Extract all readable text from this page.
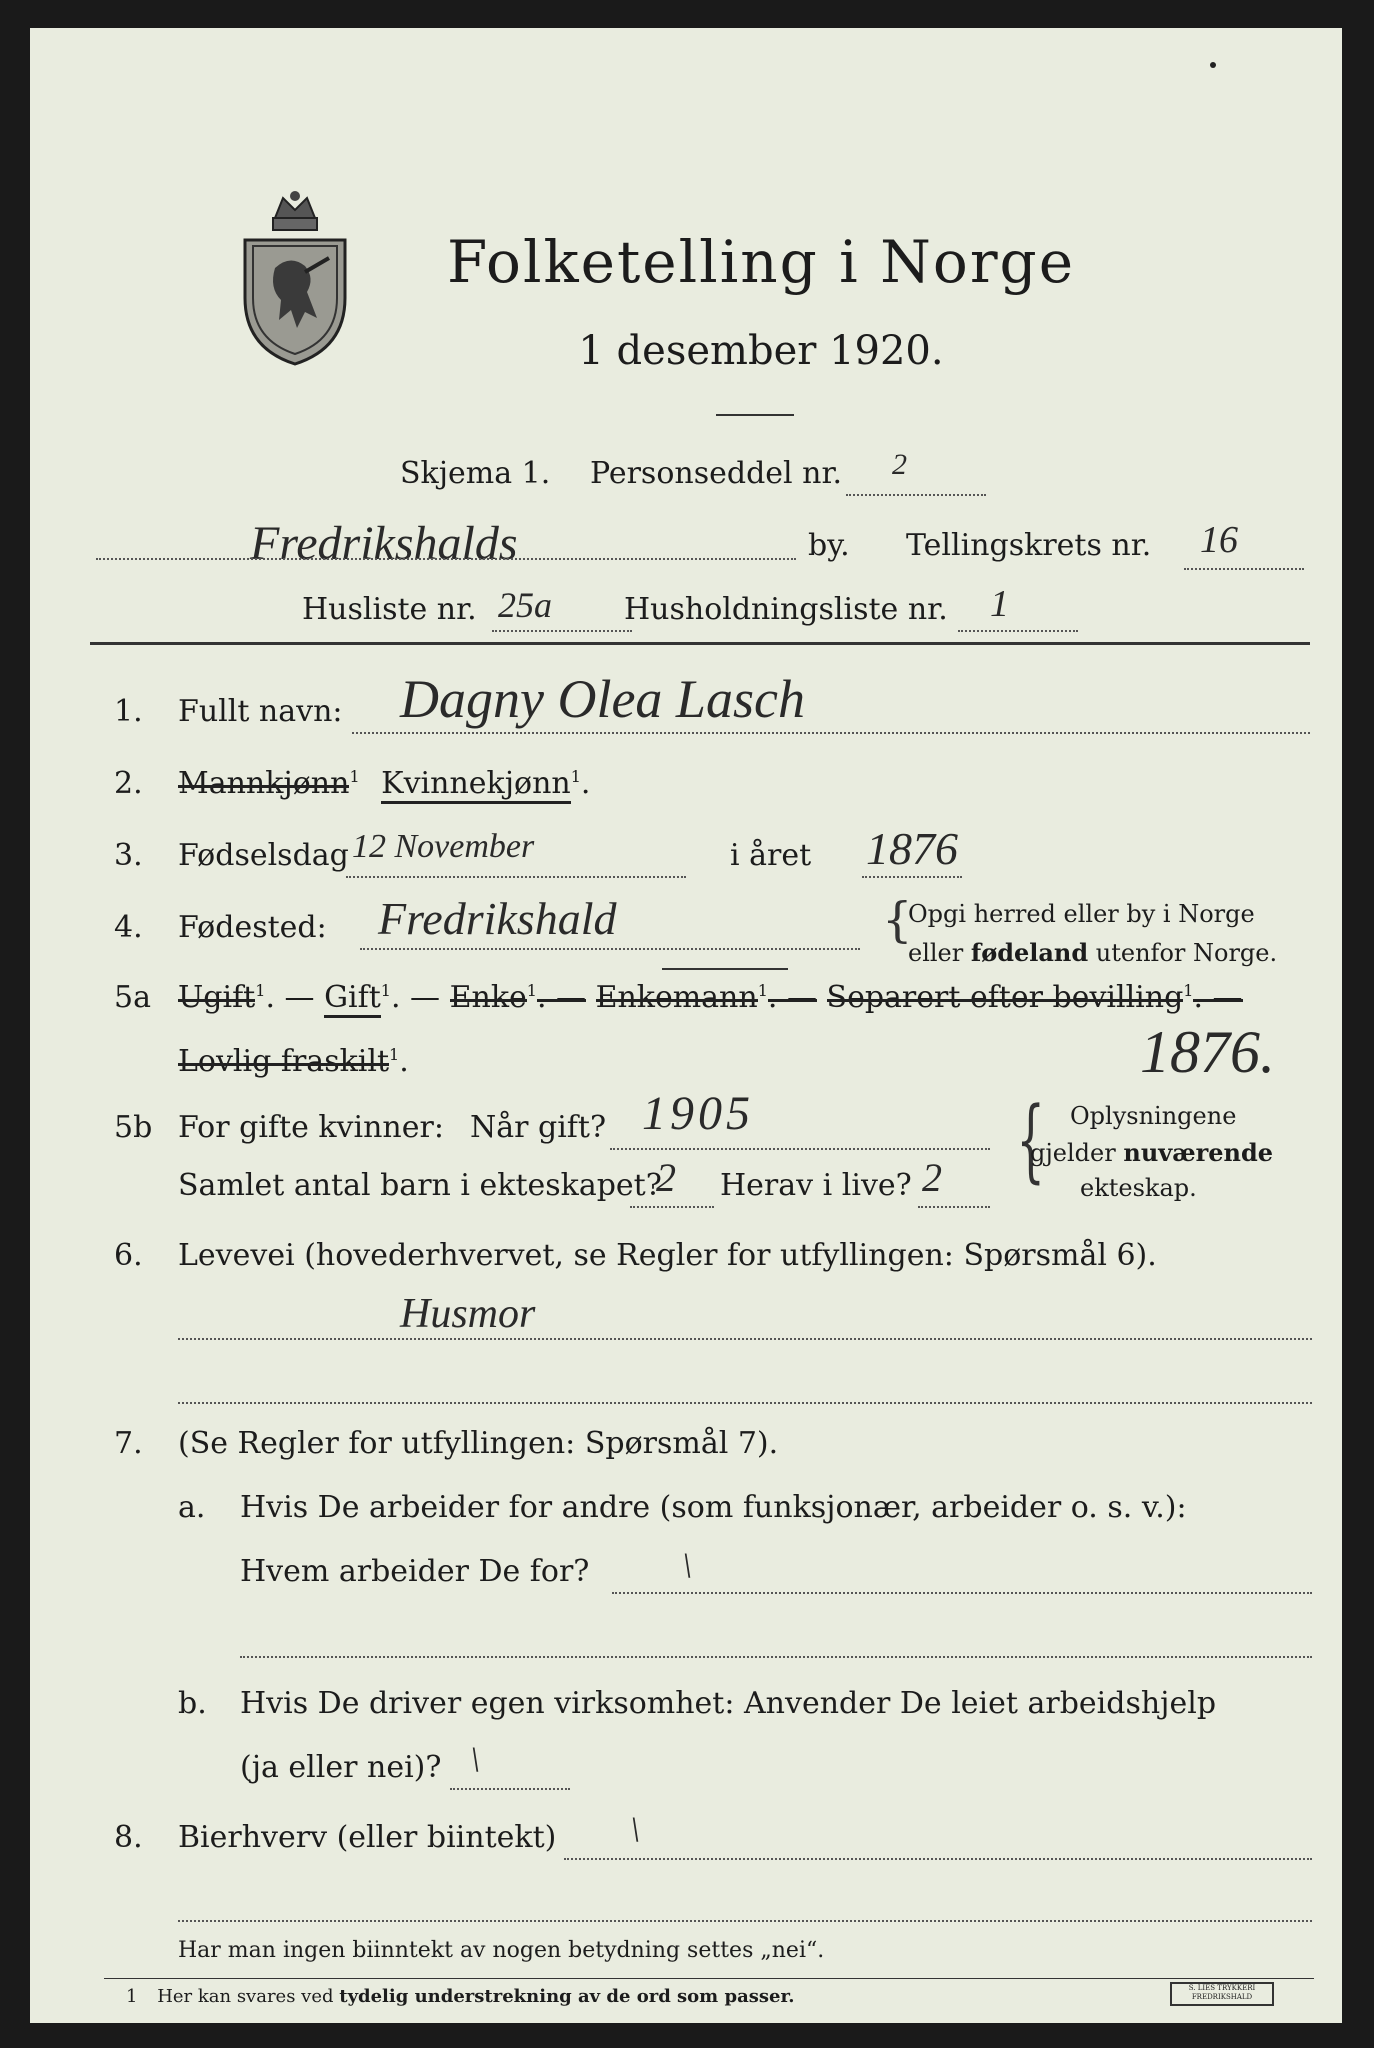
Folketelling i Norge
1 desember 1920.
Skjema 1. Personseddel nr. 2
Fredrikshalds	by. Tellingskrets nr. 16
Husliste nr. 25a Husholdningsliste nr. 1
1. Fullt navn: Dagny Olea Lasch
2. Mannkjønn$^1$ Kvinnekjønn$^1$.
3. Fødselsdag 12 November	i året 1876
4. Fødested: Fredrikshald	{
Opgi herred eller by i Norge
eller fødeland utenfor Norge.
5a Ugift$^1$. — Gift$^1$. — Enke$^1$. — Enkemann$^1$. — Separert efter bevilling$^1$. —
Lovlig fraskilt$^1$.	1876.
5b For gifte kvinner: Når gift? 1905
Samlet antal barn i ekteskapet?
2 Herav i live? 2 { Oplysningene
gjelder nuværende
ekteskap.
6. Levevei (hovederhvervet, se Regler for utfyllingen: Spørsmål 6).
Husmor
7. (Se Regler for utfyllingen: Spørsmål 7).
a. Hvis De arbeider for andre (som funksjonær, arbeider o. s. v.):
Hvem arbeider De for?	\
b. Hvis De driver egen virksomhet: Anvender De leiet arbeidshjelp
(ja eller nei)? \
8. Bierhverv (eller biintekt) \
Har man ingen biinntekt av nogen betydning settes „nei“.
1 Her kan svares ved tydelig understrekning av de ord som passer.	S. LIES TRYKKERI FREDRIKSHALD
